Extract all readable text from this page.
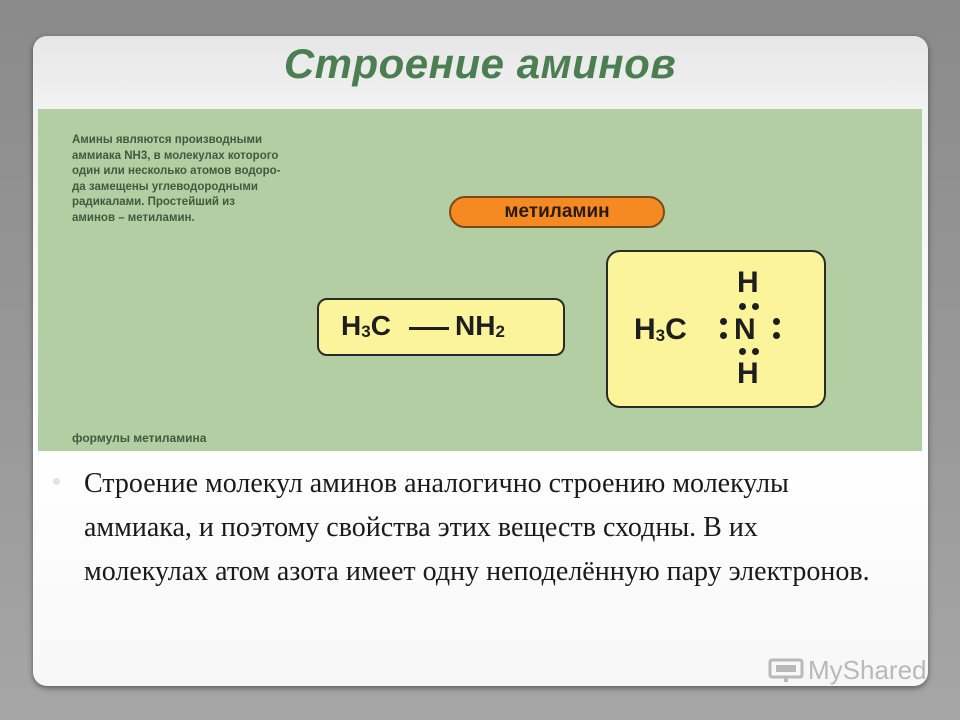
Строение аминов
Амины являются производными
аммиака NH3, в молекулах которого
один или несколько атомов водоро-
да замещены углеводородными
радикалами. Простейший из
аминов – метиламин.	метиламин
H3C NH2
H
H3C N
H
формулы метиламина

Строение молекул аминов аналогично строению молекулы аммиака, и поэтому свойства этих веществ сходны. В их молекулах атом азота имеет одну неподелённую пару электронов.

MyShared
